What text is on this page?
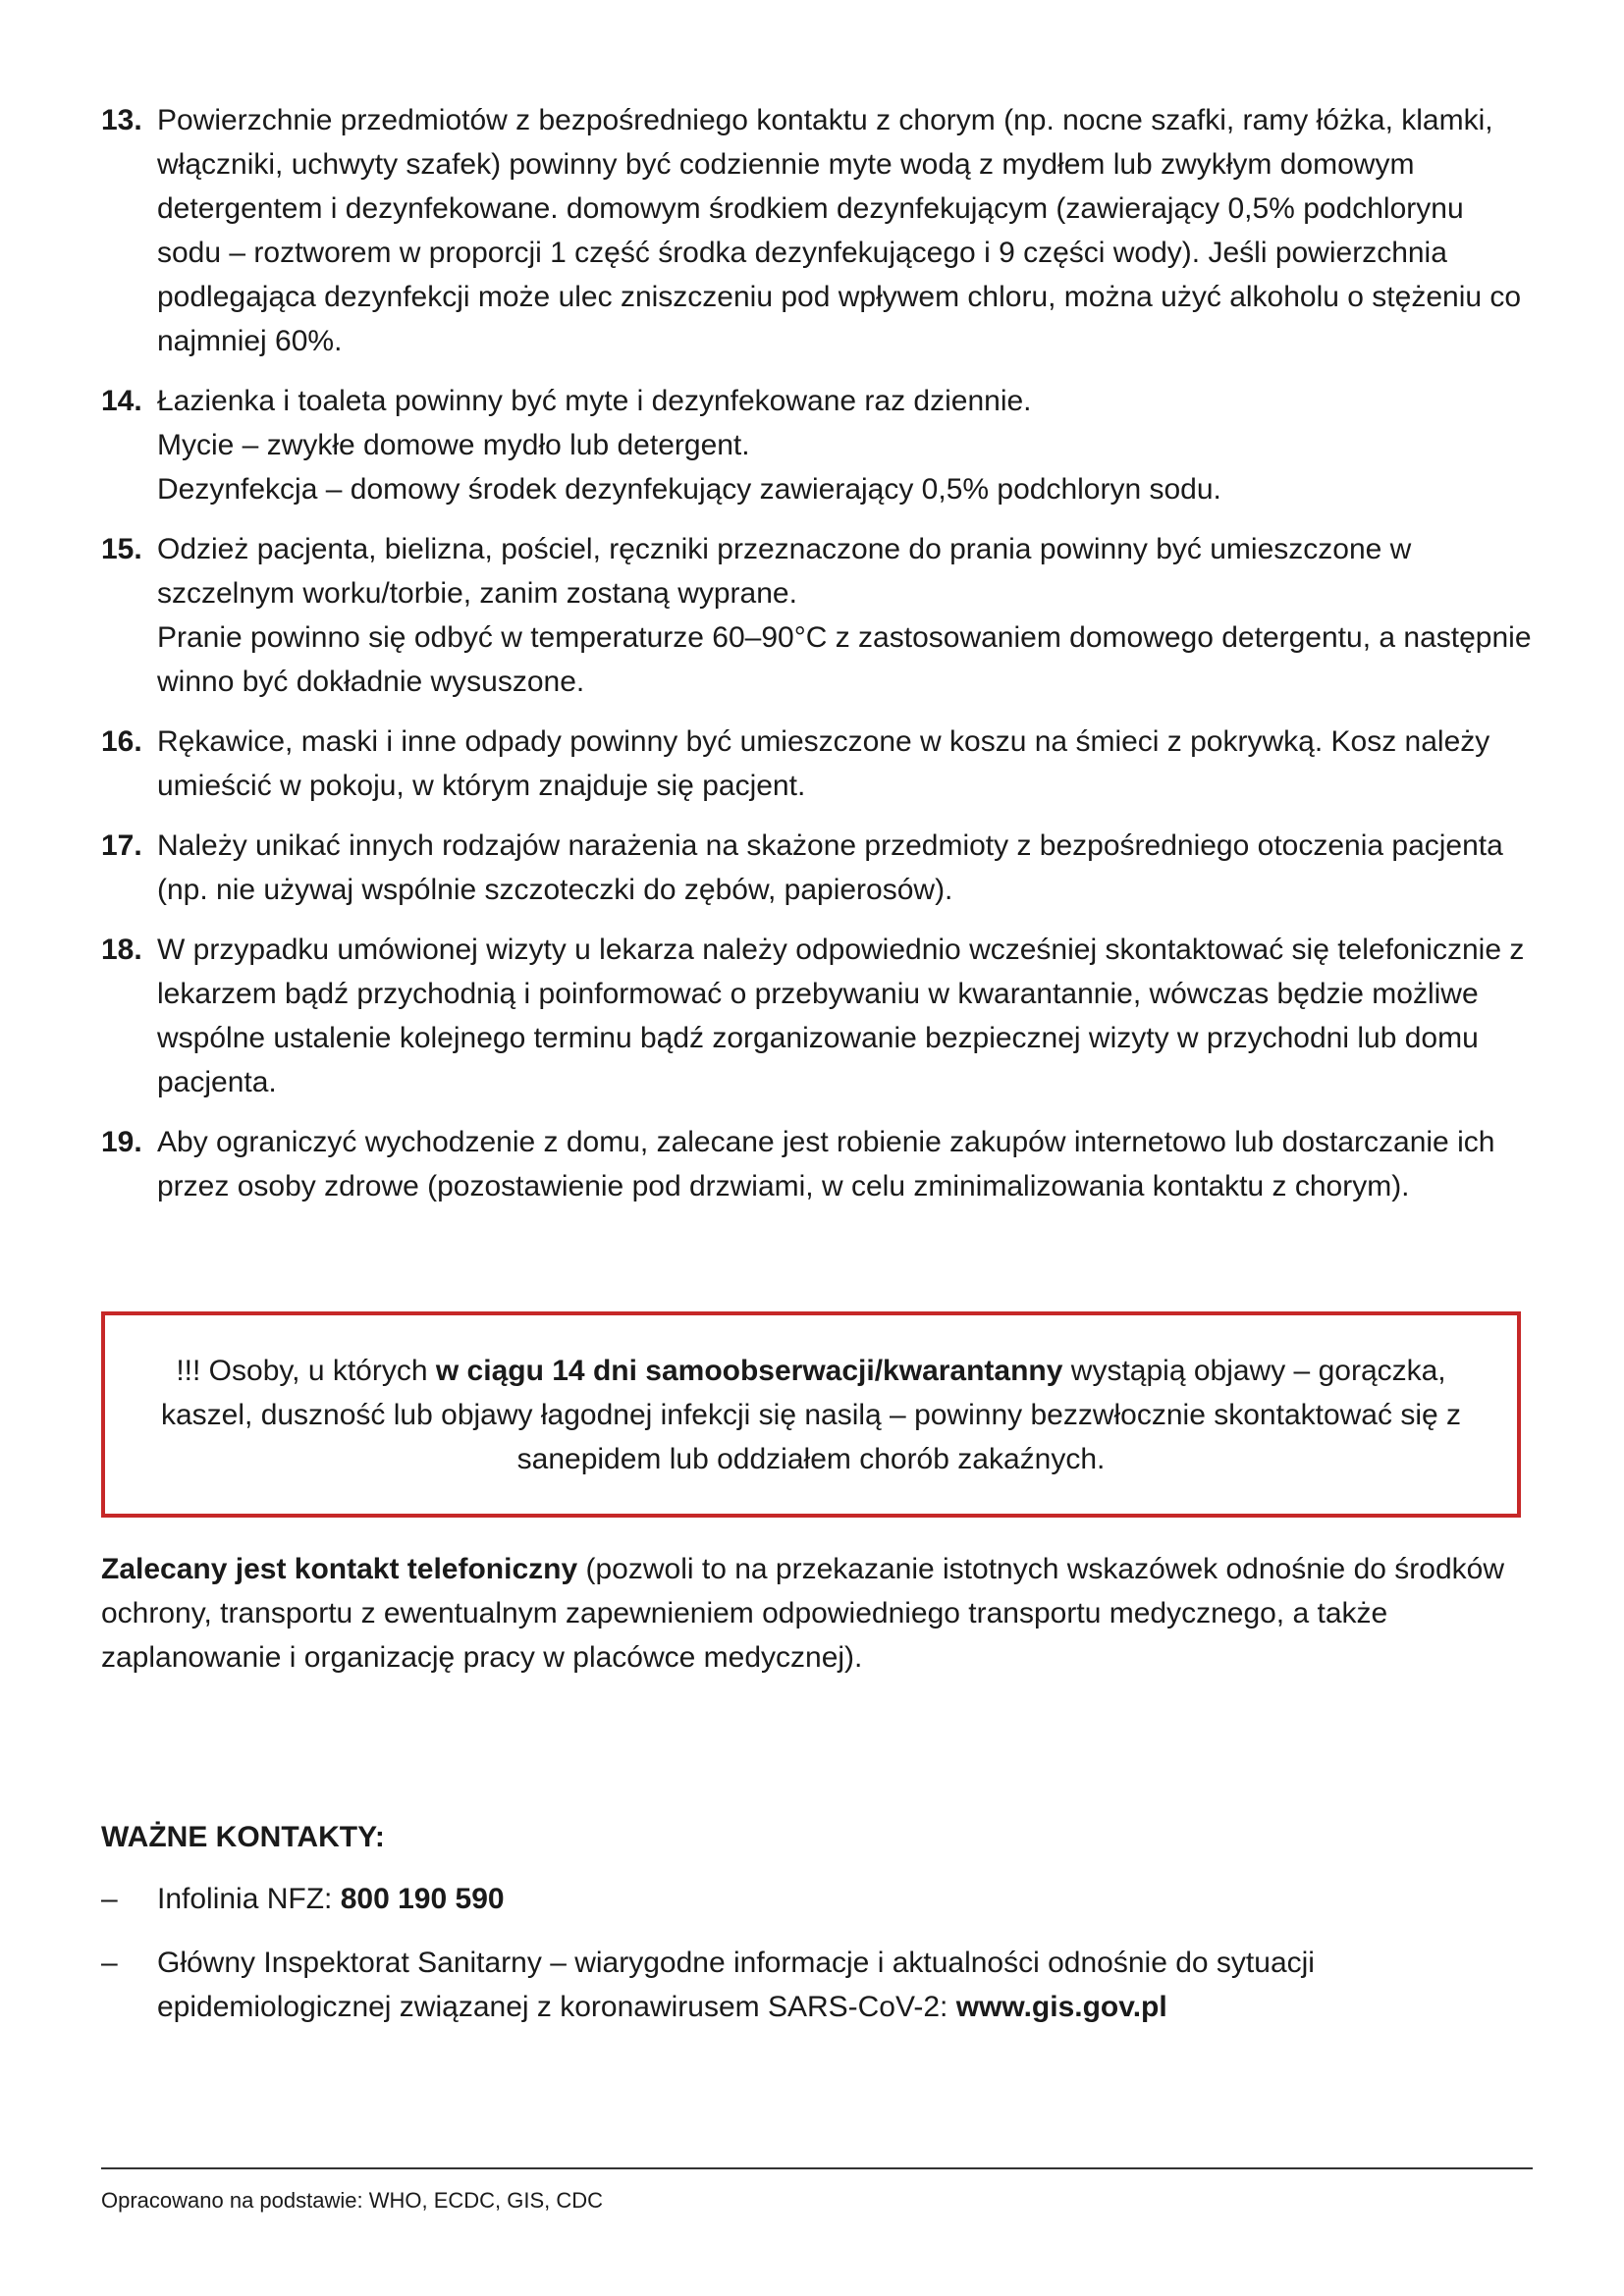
13. Powierzchnie przedmiotów z bezpośredniego kontaktu z chorym (np. nocne szafki, ramy łóżka, klamki, włączniki, uchwyty szafek) powinny być codziennie myte wodą z mydłem lub zwykłym domowym detergentem i dezynfekowane. domowym środkiem dezynfekującym (zawierający 0,5% podchlorynu sodu – roztworem w proporcji 1 część środka dezynfekującego i 9 części wody). Jeśli powierzchnia podlegająca dezynfekcji może ulec zniszczeniu pod wpływem chloru, można użyć alkoholu o stężeniu co najmniej 60%.

14. Łazienka i toaleta powinny być myte i dezynfekowane raz dziennie.

Mycie – zwykłe domowe mydło lub detergent.

Dezynfekcja – domowy środek dezynfekujący zawierający 0,5% podchloryn sodu.

15. Odzież pacjenta, bielizna, pościel, ręczniki przeznaczone do prania powinny być umieszczone w szczelnym worku/torbie, zanim zostaną wyprane.

Pranie powinno się odbyć w temperaturze 60–90°C z zastosowaniem domowego detergentu, a następnie winno być dokładnie wysuszone.

16. Rękawice, maski i inne odpady powinny być umieszczone w koszu na śmieci z pokrywką. Kosz należy umieścić w pokoju, w którym znajduje się pacjent.

17. Należy unikać innych rodzajów narażenia na skażone przedmioty z bezpośredniego otoczenia pacjenta (np. nie używaj wspólnie szczoteczki do zębów, papierosów).

18. W przypadku umówionej wizyty u lekarza należy odpowiednio wcześniej skontaktować się telefonicznie z lekarzem bądź przychodnią i poinformować o przebywaniu w kwarantannie, wówczas będzie możliwe wspólne ustalenie kolejnego terminu bądź zorganizowanie bezpiecznej wizyty w przychodni lub domu pacjenta.

19. Aby ograniczyć wychodzenie z domu, zalecane jest robienie zakupów internetowo lub dostarczanie ich przez osoby zdrowe (pozostawienie pod drzwiami, w celu zminimalizowania kontaktu z chorym).

!!! Osoby, u których w ciągu 14 dni samoobserwacji/kwarantanny wystąpią objawy – gorączka, kaszel, duszność lub objawy łagodnej infekcji się nasilą – powinny bezzwłocznie skontaktować się z sanepidem lub oddziałem chorób zakaźnych.

Zalecany jest kontakt telefoniczny (pozwoli to na przekazanie istotnych wskazówek odnośnie do środków ochrony, transportu z ewentualnym zapewnieniem odpowiedniego transportu medycznego, a także zaplanowanie i organizację pracy w placówce medycznej).

WAŻNE KONTAKTY:
– Infolinia NFZ: 800 190 590

– Główny Inspektorat Sanitarny – wiarygodne informacje i aktualności odnośnie do sytuacji epidemiologicznej związanej z koronawirusem SARS-CoV-2: www.gis.gov.pl

Opracowano na podstawie: WHO, ECDC, GIS, CDC
